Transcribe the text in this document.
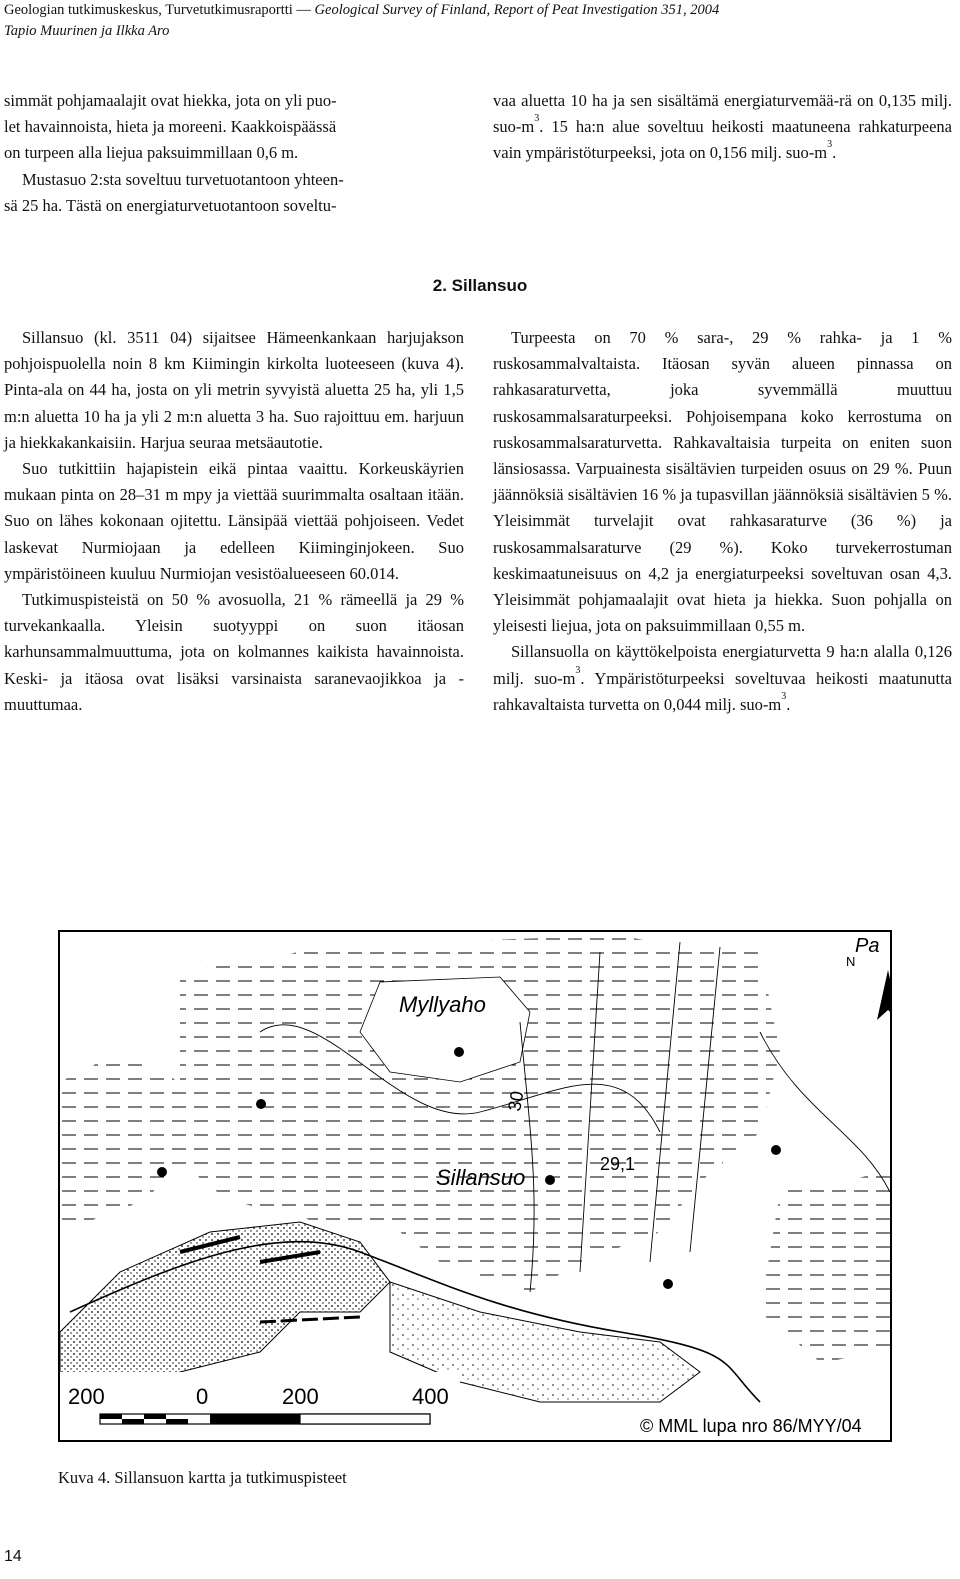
Geologian tutkimuskeskus, Turvetutkimusraportti — Geological Survey of Finland, Report of Peat Investigation 351, 2004
Tapio Muurinen ja Ilkka Aro
simmät pohjamaalajit ovat hiekka, jota on yli puo-
let havainnoista, hieta ja moreeni. Kaakkoispäässä
on turpeen alla liejua paksuimmillaan 0,6 m.
Mustasuo 2:sta soveltuu turvetuotantoon yhteen-
sä 25 ha. Tästä on energiaturvetuotantoon soveltu-

vaa aluetta 10 ha ja sen sisältämä energiaturvemää-rä on 0,135 milj. suo-$m^3$. 15 ha:n alue soveltuu heikosti maatuneena rahkaturpeena vain ympäristöturpeeksi, jota on 0,156 milj. suo-$m^3$.

2. Sillansuo

Sillansuo (kl. 3511 04) sijaitsee Hämeenkankaan harjujakson pohjoispuolella noin 8 km Kiimingin kirkolta luoteeseen (kuva 4). Pinta-ala on 44 ha, josta on yli metrin syvyistä aluetta 25 ha, yli 1,5 m:n aluetta 10 ha ja yli 2 m:n aluetta 3 ha. Suo rajoittuu em. harjuun ja hiekkakankaisiin. Harjua seuraa metsäautotie.

Suo tutkittiin hajapistein eikä pintaa vaaittu. Korkeuskäyrien mukaan pinta on 28–31 m mpy ja viettää suurimmalta osaltaan itään. Suo on lähes kokonaan ojitettu. Länsipää viettää pohjoiseen. Vedet laskevat Nurmiojaan ja edelleen Kiiminginjokeen. Suo ympäristöineen kuuluu Nurmiojan vesistöalueeseen 60.014.

Tutkimuspisteistä on 50 % avosuolla, 21 % rämeellä ja 29 % turvekankaalla. Yleisin suotyyppi on suon itäosan karhunsammalmuuttuma, jota on kolmannes kaikista havainnoista. Keski- ja itäosa ovat lisäksi varsinaista saranevaojikkoa ja -muuttumaa.

Turpeesta on 70 % sara-, 29 % rahka- ja 1 % ruskosammalvaltaista. Itäosan syvän alueen pinnassa on rahkasaraturvetta, joka syvemmällä muuttuu ruskosammalsaraturpeeksi. Pohjoisempana koko kerrostuma on ruskosammalsaraturvetta. Rahkavaltaisia turpeita on eniten suon länsiosassa. Varpuainesta sisältävien turpeiden osuus on 29 %. Puun jäännöksiä sisältävien 16 % ja tupasvillan jäännöksiä sisältävien 5 %. Yleisimmät turvelajit ovat rahkasaraturve (36 %) ja ruskosammalsaraturve (29 %). Koko turvekerrostuman keskimaatuneisuus on 4,2 ja energiaturpeeksi soveltuvan osan 4,3. Yleisimmät pohjamaalajit ovat hieta ja hiekka. Suon pohjalla on yleisesti liejua, jota on paksuimmillaan 0,55 m.

Sillansuolla on käyttökelpoista energiaturvetta 9 ha:n alalla 0,126 milj. suo-$m^3$. Ympäristöturpeeksi soveltuvaa heikosti maatunutta rahkavaltaista turvetta on 0,044 milj. suo-$m^3$.

Myllyaho
Sillansuo
29,1
30
Pa
N
200	0	200	400
© MML lupa nro 86/MYY/04
Kuva 4. Sillansuon kartta ja tutkimuspisteet
14
